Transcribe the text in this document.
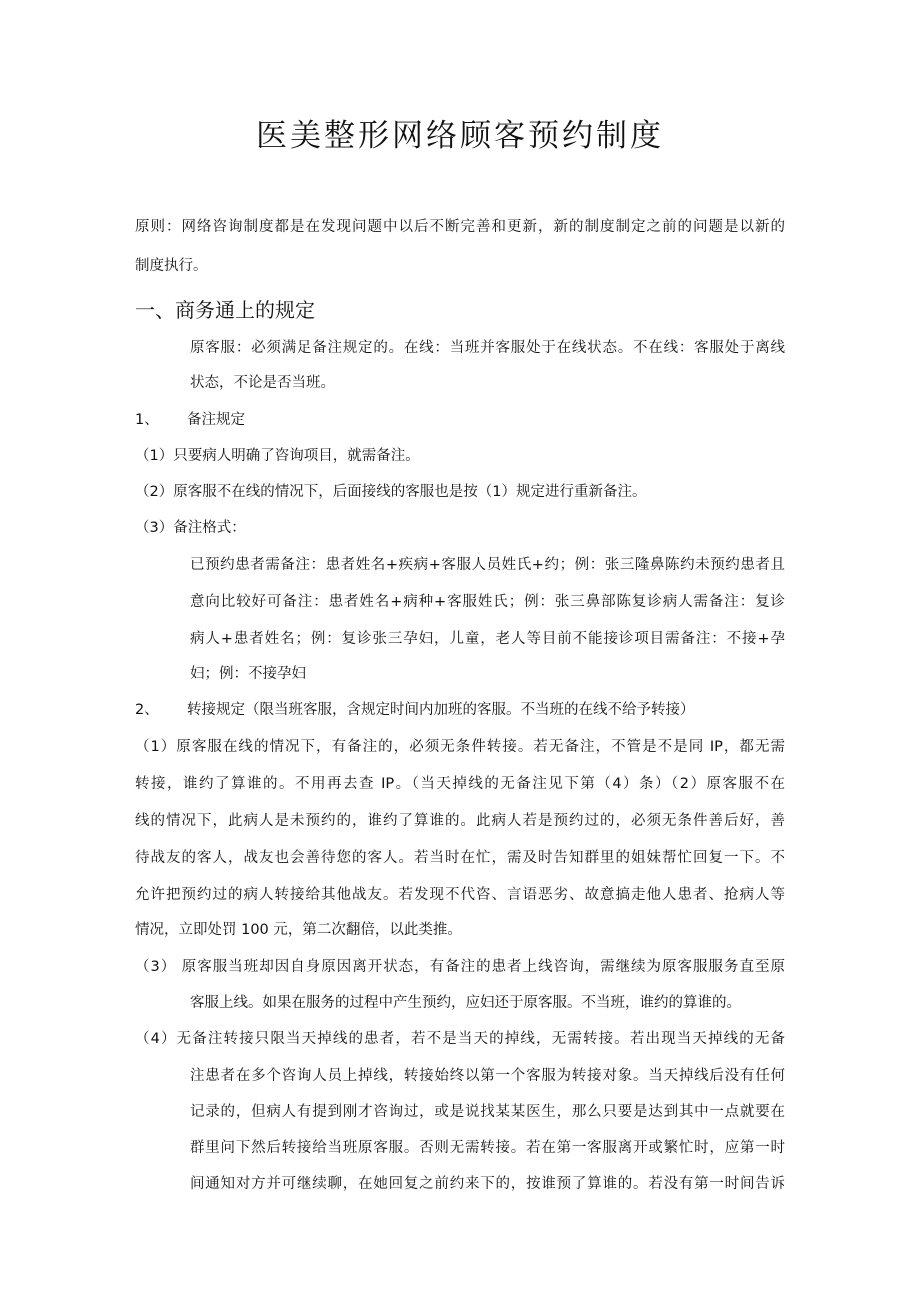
医美整形网络顾客预约制度
原则：网络咨询制度都是在发现问题中以后不断完善和更新，新的制度制定之前的问题是以新的
制度执行。
一、商务通上的规定
原客服：必须满足备注规定的。在线：当班并客服处于在线状态。不在线：客服处于离线
状态，不论是否当班。
1、 备注规定
（1）只要病人明确了咨询项目，就需备注。
（2）原客服不在线的情况下，后面接线的客服也是按（1）规定进行重新备注。
（3）备注格式：
已预约患者需备注：患者姓名+疾病+客服人员姓氏+约；例：张三隆鼻陈约未预约患者且
意向比较好可备注：患者姓名+病种+客服姓氏；例：张三鼻部陈复诊病人需备注：复诊
病人+患者姓名；例：复诊张三孕妇，儿童，老人等目前不能接诊项目需备注：不接+孕
妇；例：不接孕妇
2、 转接规定（限当班客服，含规定时间内加班的客服。不当班的在线不给予转接）
（1）原客服在线的情况下，有备注的，必须无条件转接。若无备注，不管是不是同 IP，都无需
转接，谁约了算谁的。不用再去查 IP。（当天掉线的无备注见下第（4）条）（2）原客服不在
线的情况下，此病人是未预约的，谁约了算谁的。此病人若是预约过的，必须无条件善后好，善
待战友的客人，战友也会善待您的客人。若当时在忙，需及时告知群里的姐妹帮忙回复一下。不
允许把预约过的病人转接给其他战友。若发现不代咨、言语恶劣、故意搞走他人患者、抢病人等
情况，立即处罚 100 元，第二次翻倍，以此类推。
（3） 原客服当班却因自身原因离开状态，有备注的患者上线咨询，需继续为原客服服务直至原
客服上线。如果在服务的过程中产生预约，应妇还于原客服。不当班，谁约的算谁的。
（4）无备注转接只限当天掉线的患者，若不是当天的掉线，无需转接。若出现当天掉线的无备
注患者在多个咨询人员上掉线，转接始终以第一个客服为转接对象。当天掉线后没有任何
记录的，但病人有提到刚才咨询过，或是说找某某医生，那么只要是达到其中一点就要在
群里问下然后转接给当班原客服。否则无需转接。若在第一客服离开或繁忙时，应第一时
间通知对方并可继续聊，在她回复之前约来下的，按谁预了算谁的。若没有第一时间告诉
